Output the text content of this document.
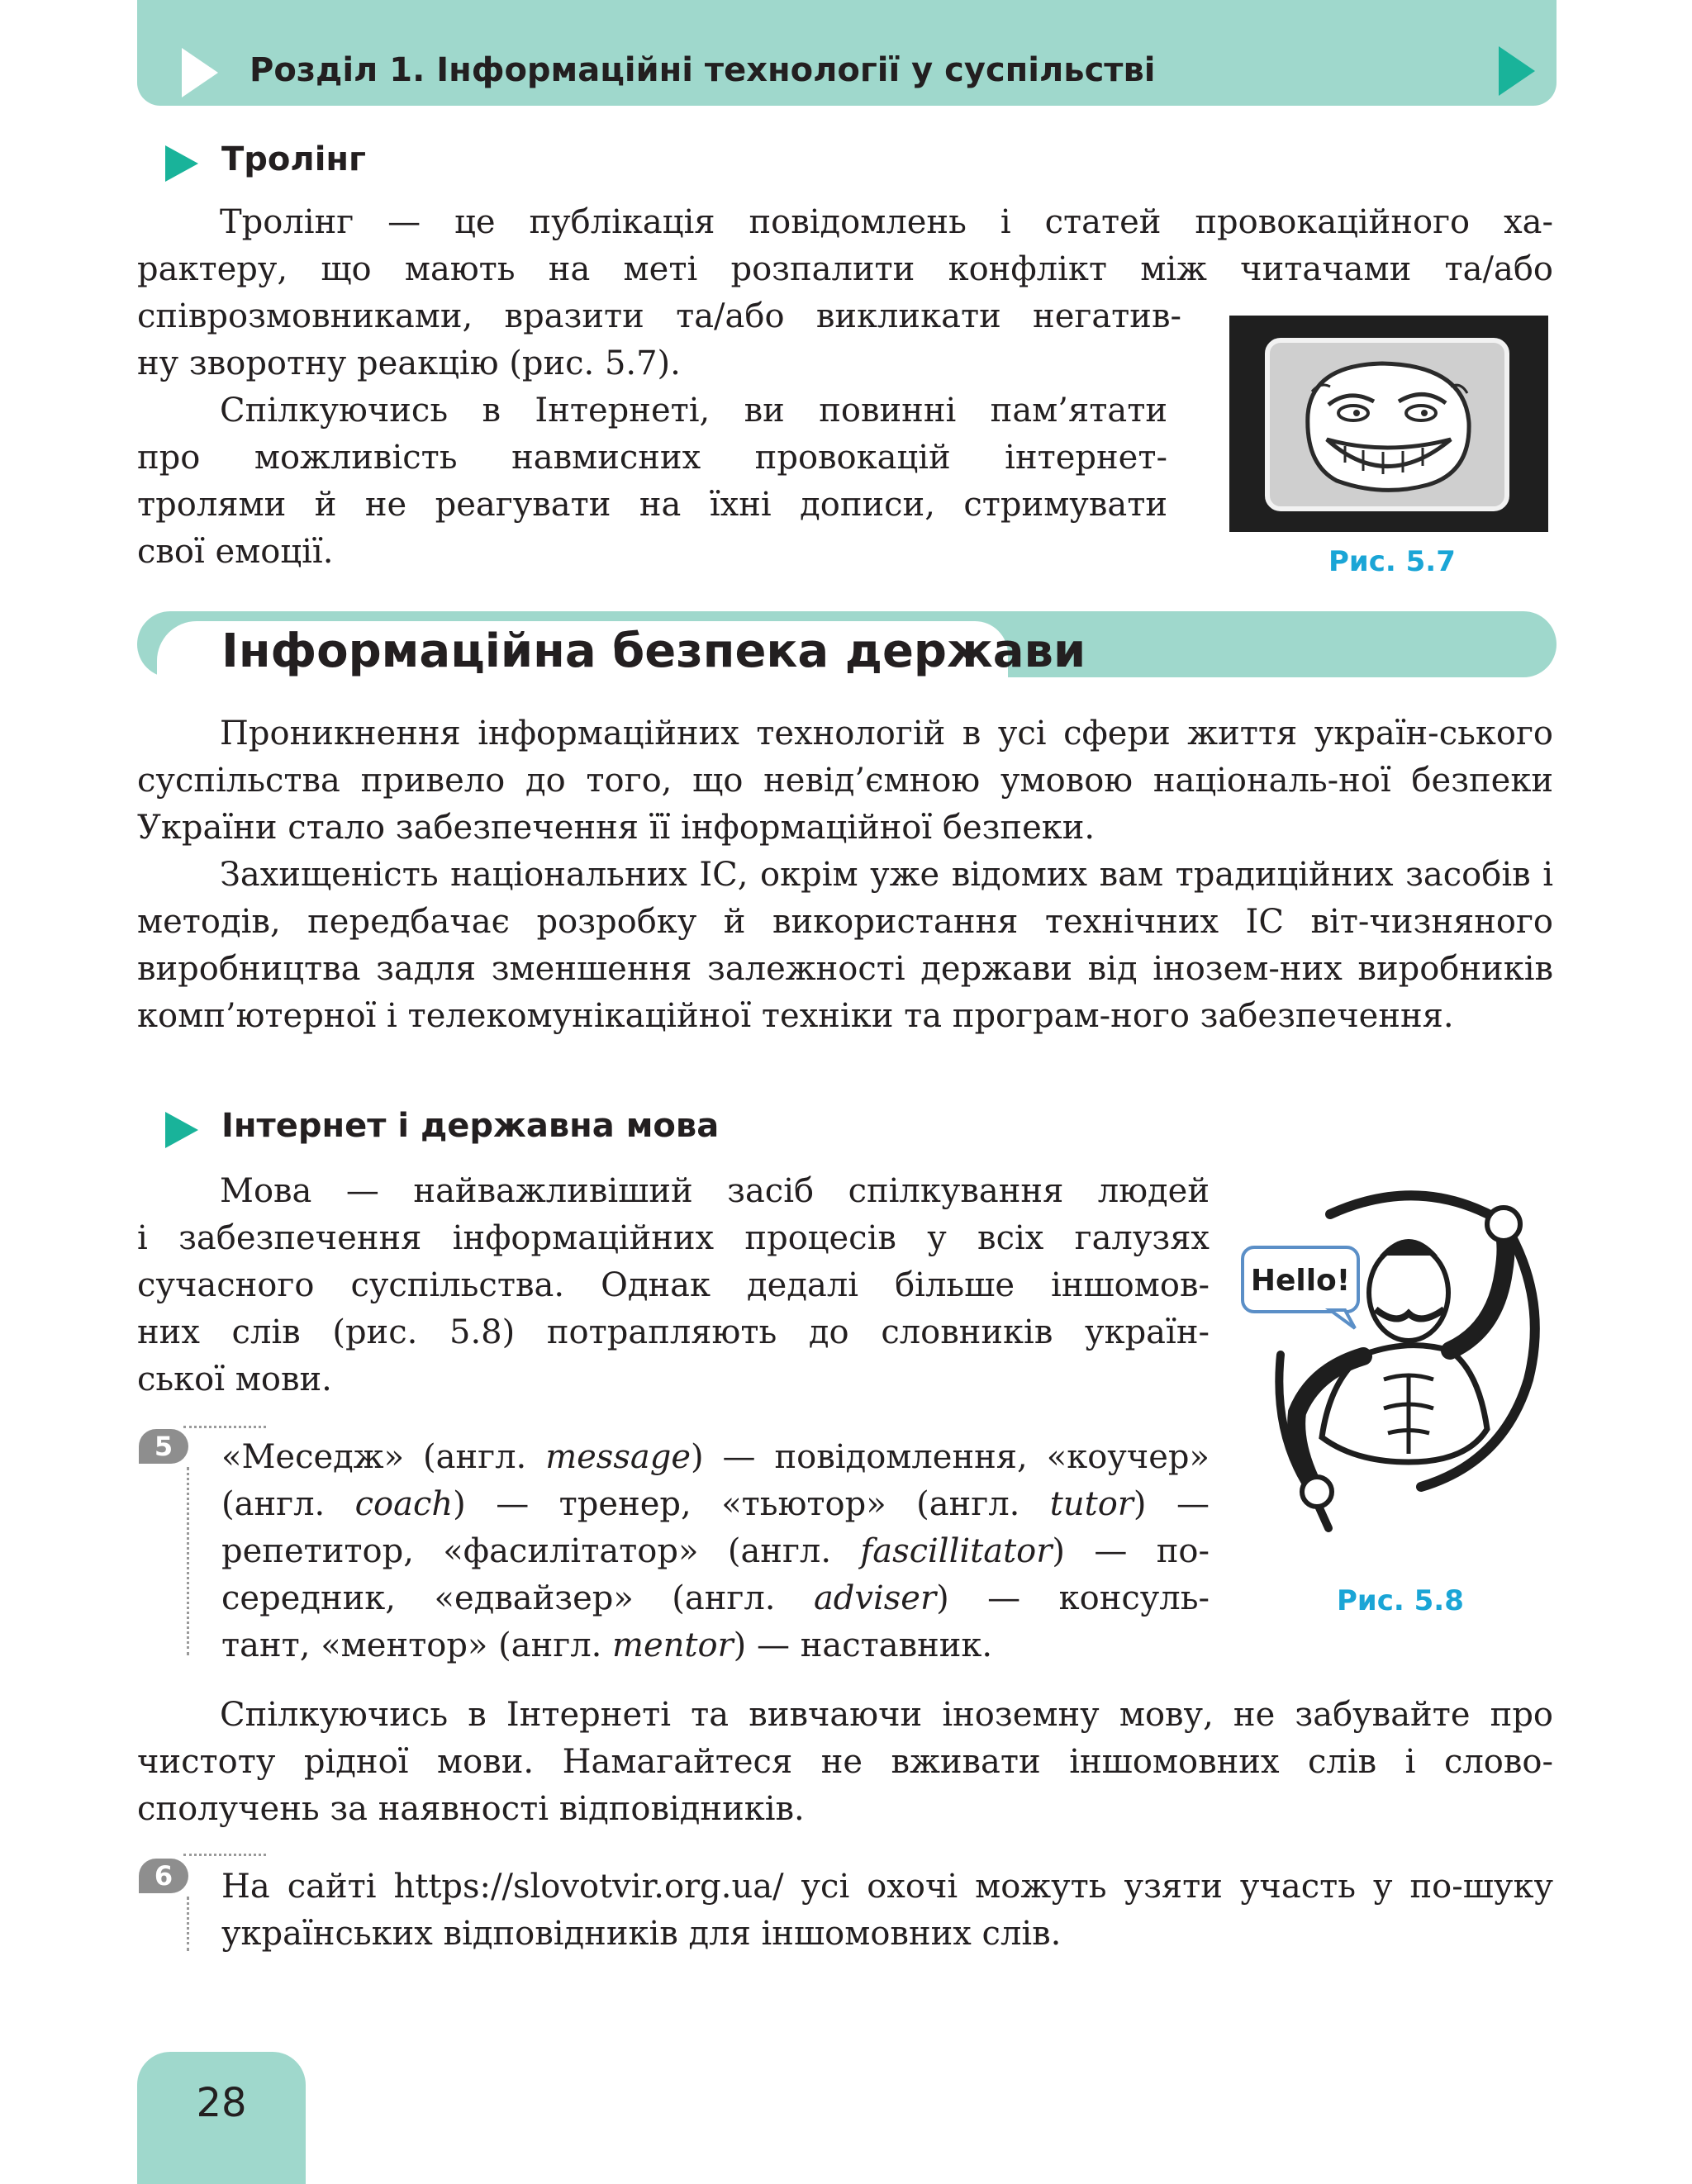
Розділ 1. Інформаційні технології у суспільстві
Тролінг

Тролінг — це публікація повідомлень і статей провокаційного ха-

рактеру, що мають на меті розпалити конфлікт між читачами та/або

співрозмовниками, вразити та/або викликати негатив-

ну зворотну реакцію (рис. 5.7).

Спілкуючись в Інтернеті, ви повинні пам’ятати

про можливість навмисних провокацій інтернет-

тролями й не реагувати на їхні дописи, стримувати

свої емоції.	Рис. 5.7
Інформаційна безпека держави

Проникнення інформаційних технологій в усі сфери життя україн-ського суспільства привело до того, що невід’ємною умовою національ-ної безпеки України стало забезпечення її інформаційної безпеки.

Захищеність національних ІС, окрім уже відомих вам традиційних засобів і методів, передбачає розробку й використання технічних ІС віт-чизняного виробництва задля зменшення залежності держави від інозем-них виробників комп’ютерної і телекомунікаційної техніки та програм-ного забезпечення.

Інтернет і державна мова

Мова — найважливіший засіб спілкування людей

і забезпечення інформаційних процесів у всіх галузях

сучасного суспільства. Однак дедалі більше іншомов-

них слів (рис. 5.8) потрапляють до словників україн-

ської мови.

Hello!
Рис. 5.8
5	«Меседж» (англ. message) — повідомлення, «коучер»

(англ. coach) — тренер, «тьютор» (англ. tutor) —

репетитор, «фасилітатор» (англ. fascillitator) — по-

середник, «едвайзер» (англ. adviser) — консуль-

тант, «ментор» (англ. mentor) — наставник.

Спілкуючись в Інтернеті та вивчаючи іноземну мову, не забувайте про чистоту рідної мови. Намагайтеся не вживати іншомовних слів і слово-сполучень за наявності відповідників.

6	На сайті https://slovotvir.org.ua/ усі охочі можуть узяти участь у по-шуку українських відповідників для іншомовних слів.

28
